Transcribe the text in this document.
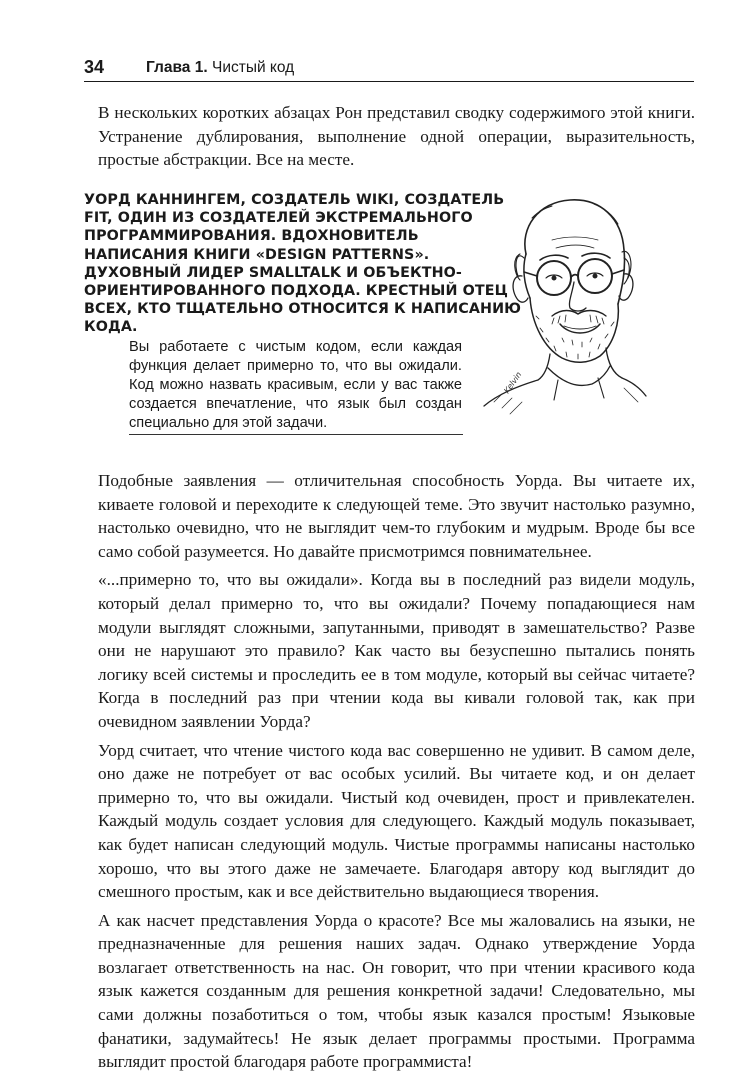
34	Глава 1. Чистый код

В нескольких коротких абзацах Рон представил сводку содержимого этой книги. Устранение дублирования, выполнение одной операции, выразительность, простые абстракции. Все на месте.

УОРД КАННИНГЕМ, СОЗДАТЕЛЬ WIKI, СОЗДАТЕЛЬ FIT, ОДИН ИЗ СОЗДАТЕЛЕЙ ЭКСТРЕМАЛЬНОГО ПРОГРАММИРОВАНИЯ. ВДОХНОВИТЕЛЬ НАПИСАНИЯ КНИГИ «DESIGN PATTERNS». ДУХОВНЫЙ ЛИДЕР SMALLTALK И ОБЪЕКТНО-ОРИЕНТИРОВАННОГО ПОДХОДА. КРЕСТНЫЙ ОТЕЦ ВСЕХ, КТО ТЩАТЕЛЬНО ОТНОСИТСЯ К НАПИСАНИЮ КОДА.

Вы работаете с чистым кодом, если каждая функция делает примерно то, что вы ожидали. Код можно назвать красивым, если у вас также создается впечатление, что язык был создан специально для этой задачи.

Kelvin

Подобные заявления — отличительная способность Уорда. Вы читаете их, киваете головой и переходите к следующей теме. Это звучит настолько разумно, настолько очевидно, что не выглядит чем-то глубоким и мудрым. Вроде бы все само собой разумеется. Но давайте присмотримся повнимательнее.

«...примерно то, что вы ожидали». Когда вы в последний раз видели модуль, который делал примерно то, что вы ожидали? Почему попадающиеся нам модули выглядят сложными, запутанными, приводят в замешательство? Разве они не нарушают это правило? Как часто вы безуспешно пытались понять логику всей системы и проследить ее в том модуле, который вы сейчас читаете? Когда в последний раз при чтении кода вы кивали головой так, как при очевидном заявлении Уорда?

Уорд считает, что чтение чистого кода вас совершенно не удивит. В самом деле, оно даже не потребует от вас особых усилий. Вы читаете код, и он делает примерно то, что вы ожидали. Чистый код очевиден, прост и привлекателен. Каждый модуль создает условия для следующего. Каждый модуль показывает, как будет написан следующий модуль. Чистые программы написаны настолько хорошо, что вы этого даже не замечаете. Благодаря автору код выглядит до смешного простым, как и все действительно выдающиеся творения.

А как насчет представления Уорда о красоте? Все мы жаловались на языки, не предназначенные для решения наших задач. Однако утверждение Уорда возлагает ответственность на нас. Он говорит, что при чтении красивого кода язык кажется созданным для решения конкретной задачи! Следовательно, мы сами должны позаботиться о том, чтобы язык казался простым! Языковые фанатики, задумайтесь! Не язык делает программы простыми. Программа выглядит простой благодаря работе программиста!
